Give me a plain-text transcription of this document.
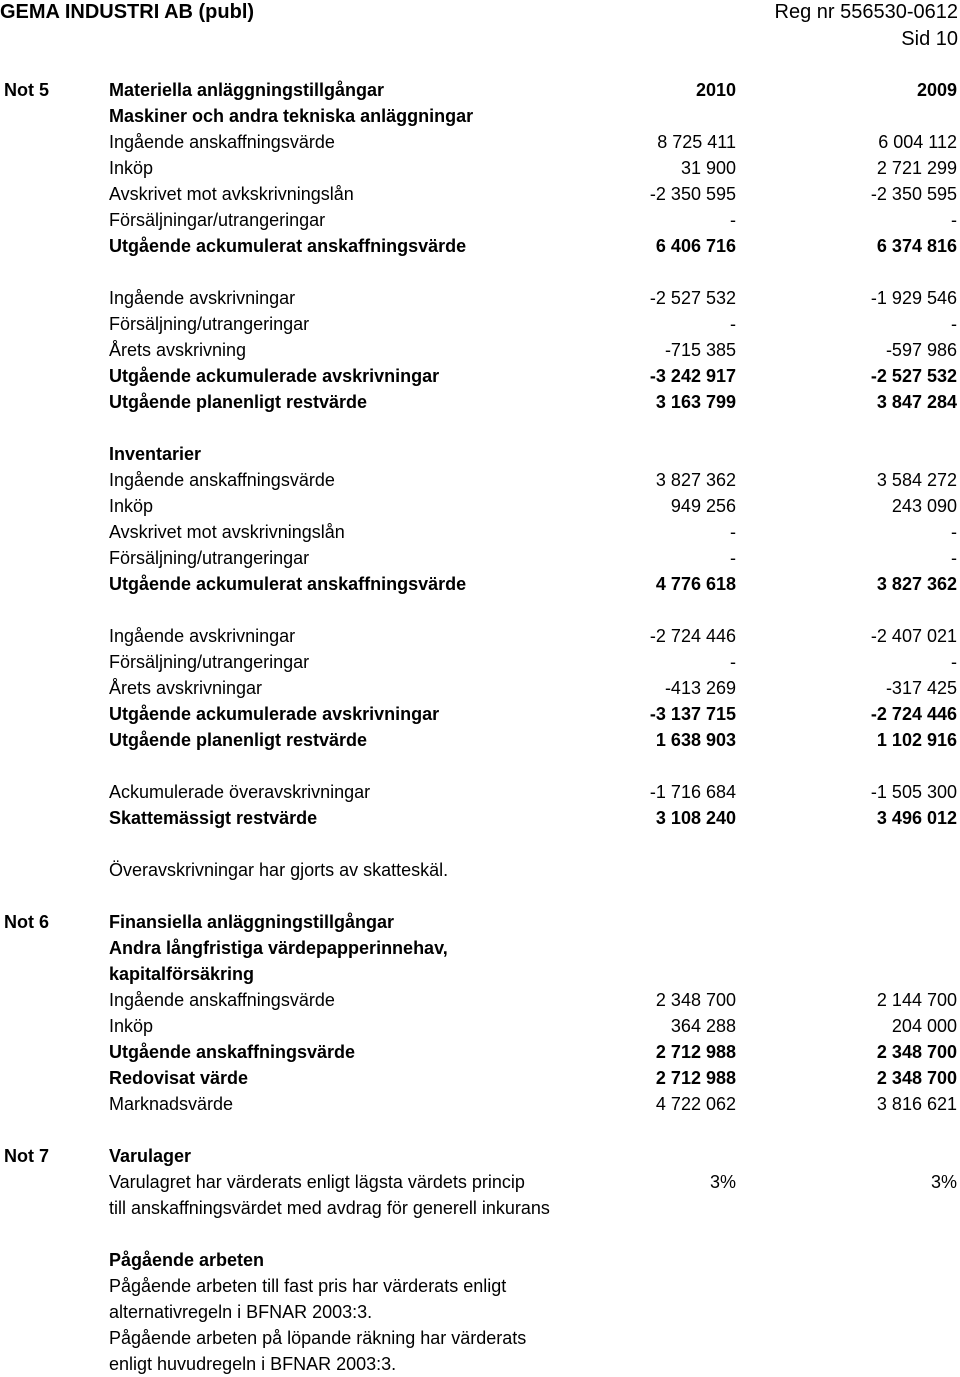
GEMA INDUSTRI AB (publ)	Reg nr 556530-0612
Sid 10
Not 5	Materiella anläggningstillgångar	2010	2009
Maskiner och andra tekniska anläggningar
Ingående anskaffningsvärde	8 725 411	6 004 112
Inköp	31 900	2 721 299
Avskrivet mot avkskrivningslån	-2 350 595	-2 350 595
Försäljningar/utrangeringar	-	-
Utgående ackumulerat anskaffningsvärde	6 406 716	6 374 816
Ingående avskrivningar	-2 527 532	-1 929 546
Försäljning/utrangeringar	-	-
Årets avskrivning	-715 385	-597 986
Utgående ackumulerade avskrivningar	-3 242 917	-2 527 532
Utgående planenligt restvärde	3 163 799	3 847 284
Inventarier
Ingående anskaffningsvärde	3 827 362	3 584 272
Inköp	949 256	243 090
Avskrivet mot avskrivningslån	-	-
Försäljning/utrangeringar	-	-
Utgående ackumulerat anskaffningsvärde	4 776 618	3 827 362
Ingående avskrivningar	-2 724 446	-2 407 021
Försäljning/utrangeringar	-	-
Årets avskrivningar	-413 269	-317 425
Utgående ackumulerade avskrivningar	-3 137 715	-2 724 446
Utgående planenligt restvärde	1 638 903	1 102 916
Ackumulerade överavskrivningar	-1 716 684	-1 505 300
Skattemässigt restvärde	3 108 240	3 496 012
Överavskrivningar har gjorts av skatteskäl.
Not 6	Finansiella anläggningstillgångar
Andra långfristiga värdepapperinnehav,
kapitalförsäkring
Ingående anskaffningsvärde	2 348 700	2 144 700
Inköp	364 288	204 000
Utgående anskaffningsvärde	2 712 988	2 348 700
Redovisat värde	2 712 988	2 348 700
Marknadsvärde	4 722 062	3 816 621
Not 7	Varulager
Varulagret har värderats enligt lägsta värdets princip	3%	3%
till anskaffningsvärdet med avdrag för generell inkurans
Pågående arbeten
Pågående arbeten till fast pris har värderats enligt
alternativregeln i BFNAR 2003:3.
Pågående arbeten på löpande räkning har värderats
enligt huvudregeln i BFNAR 2003:3.
